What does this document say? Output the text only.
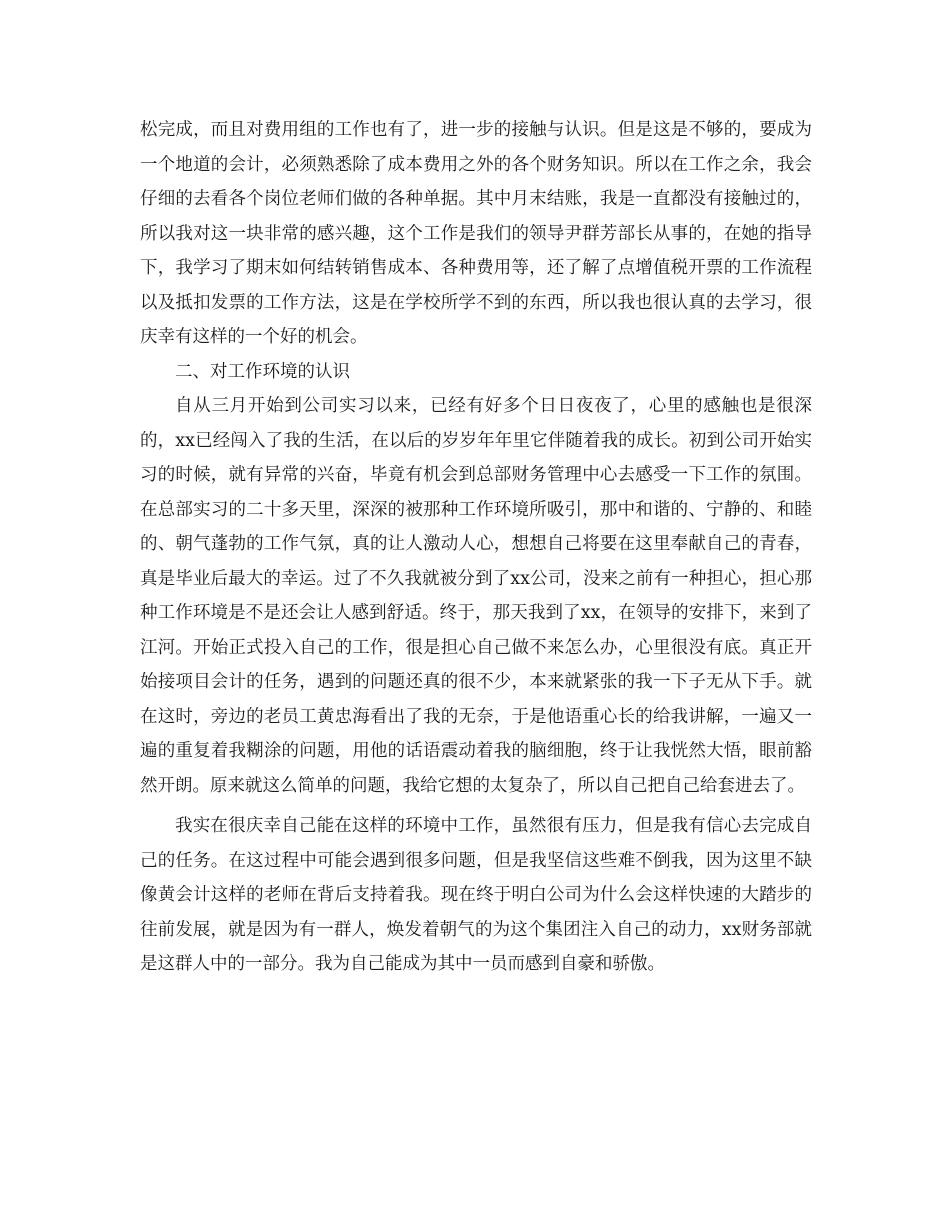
松完成，而且对费用组的工作也有了，进一步的接触与认识。但是这是不够的，要成为一个地道的会计，必须熟悉除了成本费用之外的各个财务知识。所以在工作之余，我会仔细的去看各个岗位老师们做的各种单据。其中月末结账，我是一直都没有接触过的，所以我对这一块非常的感兴趣，这个工作是我们的领导尹群芳部长从事的，在她的指导下，我学习了期末如何结转销售成本、各种费用等，还了解了点增值税开票的工作流程以及抵扣发票的工作方法，这是在学校所学不到的东西，所以我也很认真的去学习，很庆幸有这样的一个好的机会。

二、对工作环境的认识

自从三月开始到公司实习以来，已经有好多个日日夜夜了，心里的感触也是很深的，xx已经闯入了我的生活，在以后的岁岁年年里它伴随着我的成长。初到公司开始实习的时候，就有异常的兴奋，毕竟有机会到总部财务管理中心去感受一下工作的氛围。在总部实习的二十多天里，深深的被那种工作环境所吸引，那中和谐的、宁静的、和睦的、朝气蓬勃的工作气氛，真的让人激动人心，想想自己将要在这里奉献自己的青春，真是毕业后最大的幸运。过了不久我就被分到了xx公司，没来之前有一种担心，担心那种工作环境是不是还会让人感到舒适。终于，那天我到了xx，在领导的安排下，来到了江河。开始正式投入自己的工作，很是担心自己做不来怎么办，心里很没有底。真正开始接项目会计的任务，遇到的问题还真的很不少，本来就紧张的我一下子无从下手。就在这时，旁边的老员工黄忠海看出了我的无奈，于是他语重心长的给我讲解，一遍又一遍的重复着我糊涂的问题，用他的话语震动着我的脑细胞，终于让我恍然大悟，眼前豁然开朗。原来就这么简单的问题，我给它想的太复杂了，所以自己把自己给套进去了。

我实在很庆幸自己能在这样的环境中工作，虽然很有压力，但是我有信心去完成自己的任务。在这过程中可能会遇到很多问题，但是我坚信这些难不倒我，因为这里不缺像黄会计这样的老师在背后支持着我。现在终于明白公司为什么会这样快速的大踏步的往前发展，就是因为有一群人，焕发着朝气的为这个集团注入自己的动力，xx财务部就是这群人中的一部分。我为自己能成为其中一员而感到自豪和骄傲。
